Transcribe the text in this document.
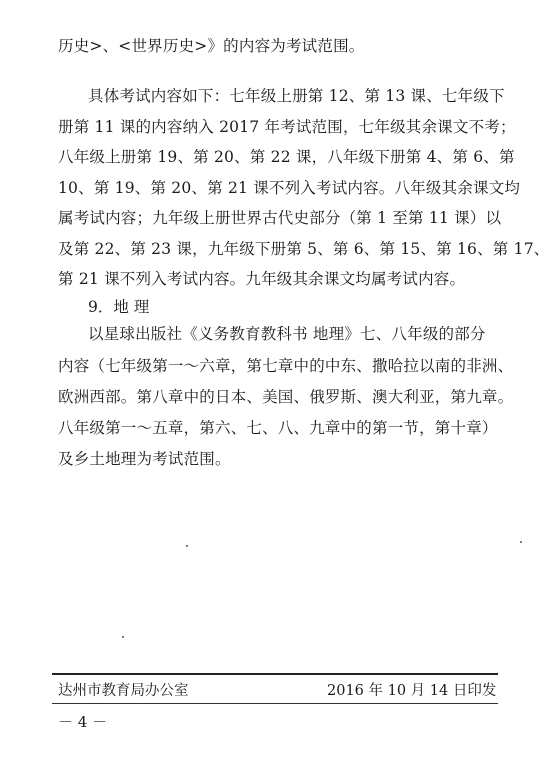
历史>、<世界历史>》的内容为考试范围。
具体考试内容如下：七年级上册第 12、第 13 课、七年级下
册第 11 课的内容纳入 2017 年考试范围，七年级其余课文不考；
八年级上册第 19、第 20、第 22 课，八年级下册第 4、第 6、第
10、第 19、第 20、第 21 课不列入考试内容。八年级其余课文均
属考试内容；九年级上册世界古代史部分（第 1 至第 11 课）以
及第 22、第 23 课，九年级下册第 5、第 6、第 15、第 16、第 17、
第 21 课不列入考试内容。九年级其余课文均属考试内容。
9．地 理
以星球出版社《义务教育教科书 地理》七、八年级的部分
内容（七年级第一～六章，第七章中的中东、撒哈拉以南的非洲、
欧洲西部。第八章中的日本、美国、俄罗斯、澳大利亚，第九章。
八年级第一～五章，第六、七、八、九章中的第一节，第十章）
及乡土地理为考试范围。
达州市教育局办公室	2016 年 10 月 14 日印发
－ 4 －
